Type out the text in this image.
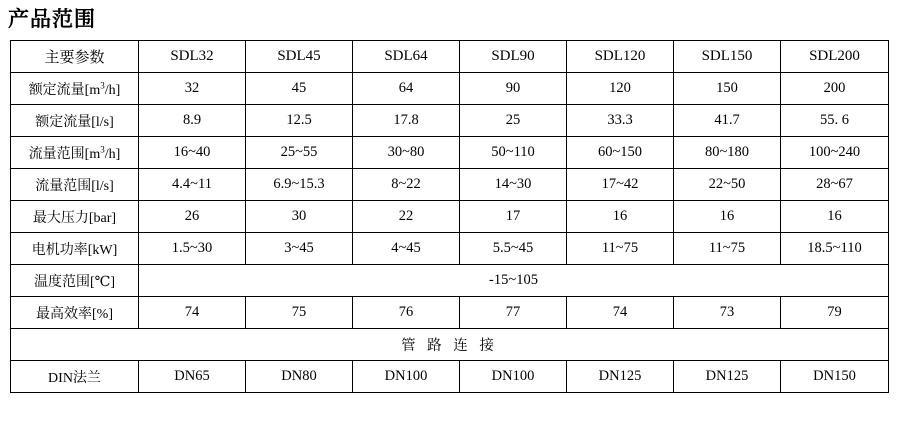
产品范围
主要参数	SDL32	SDL45	SDL64	SDL90	SDL120	SDL150	SDL200
额定流量$[m^3/h]$	32	45	64	90	120	150	200
额定流量[l/s]	8.9	12.5	17.8	25	33.3	41.7	55. 6
流量范围$[m^3/h]$	16~40	25~55	30~80	50~110	60~150	80~180	100~240
流量范围[l/s]	4.4~11	6.9~15.3	8~22	14~30	17~42	22~50	28~67
最大压力[bar]	26	30	22	17	16	16	16
电机功率[kW]	1.5~30	3~45	4~45	5.5~45	11~75	11~75	18.5~110
温度范围[℃]	-15~105						
最高效率[%]	74	75	76	77	74	73	79
管 路 连 接							
DIN法兰	DN65	DN80	DN100	DN100	DN125	DN125	DN150
